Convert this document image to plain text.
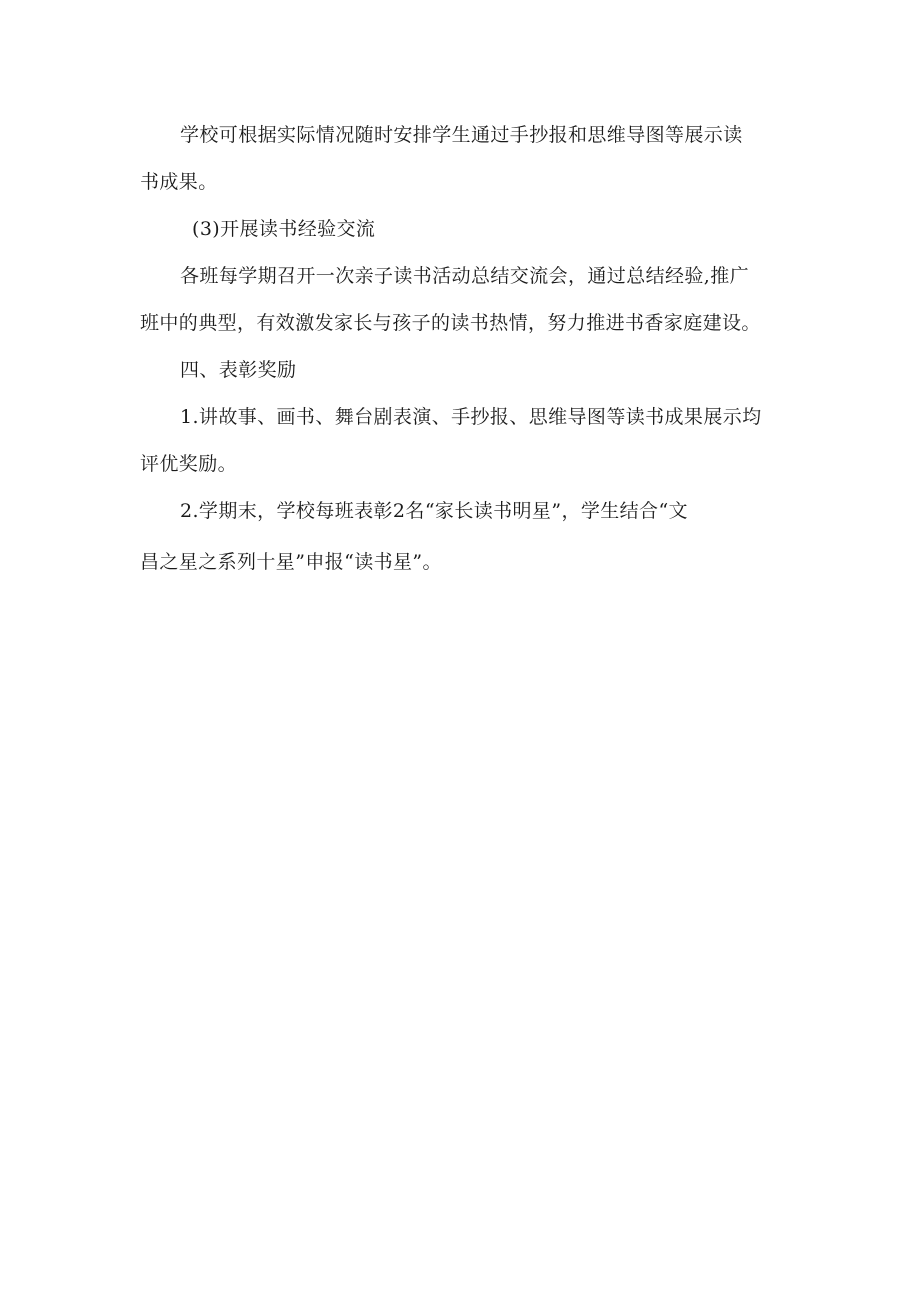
学校可根据实际情况随时安排学生通过手抄报和思维导图等展示读
书成果。
(3)开展读书经验交流
各班每学期召开一次亲子读书活动总结交流会，通过总结经验,推广
班中的典型，有效激发家长与孩子的读书热情，努力推进书香家庭建设。
四、表彰奖励
1.讲故事、画书、舞台剧表演、手抄报、思维导图等读书成果展示均
评优奖励。
2.学期末，学校每班表彰2名“家长读书明星”，学生结合“文
昌之星之系列十星”申报“读书星”。
